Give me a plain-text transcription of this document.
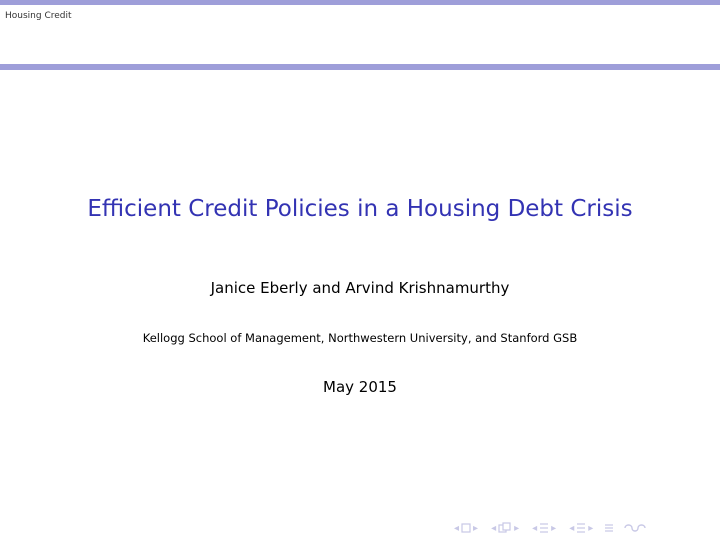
Housing Credit
Efficient Credit Policies in a Housing Debt Crisis
Janice Eberly and Arvind Krishnamurthy
Kellogg School of Management, Northwestern University, and Stanford GSB
May 2015
◂ ▸ ◂ ▸ ◂ ▸ ◂ ▸
